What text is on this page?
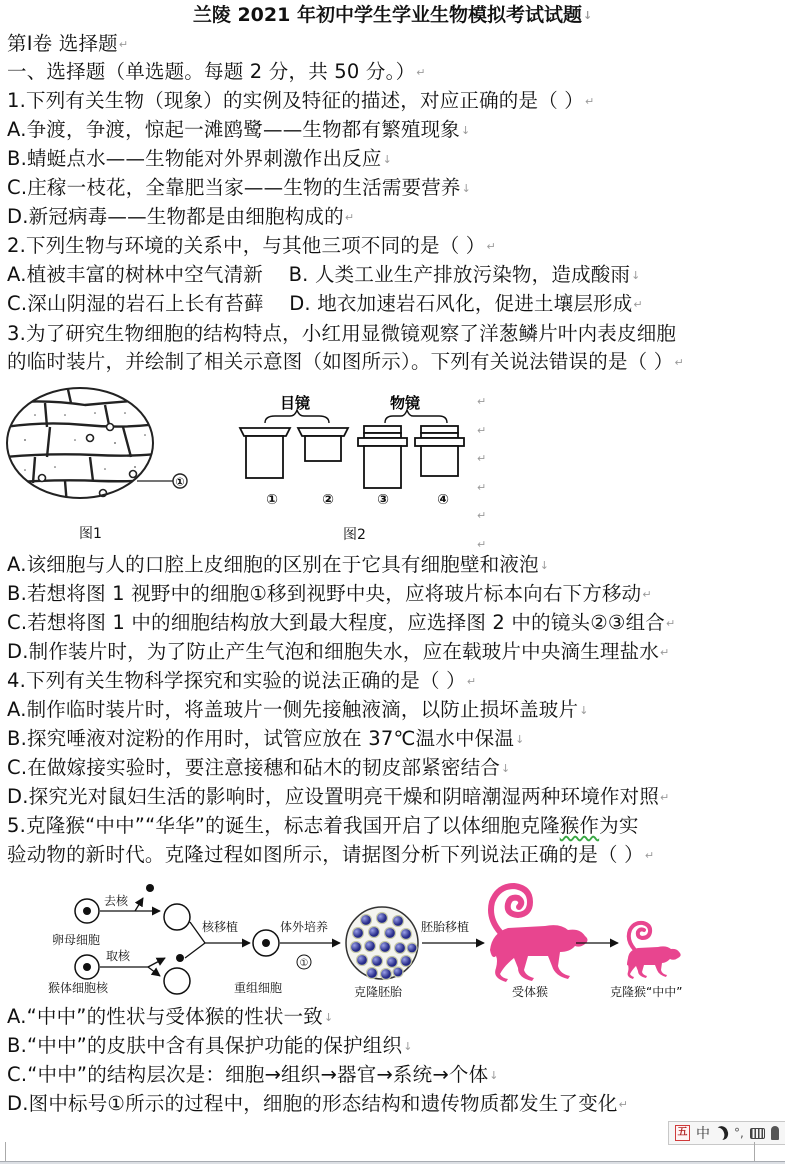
兰陵 2021 年初中学生学业生物模拟考试试题↓
第Ⅰ卷 选择题↵
一、选择题（单选题。每题 2 分，共 50 分。）↵
1.下列有关生物（现象）的实例及特征的描述，对应正确的是（ ）↵
A.争渡，争渡，惊起一滩鸥鹭——生物都有繁殖现象↓
B.蜻蜓点水——生物能对外界刺激作出反应↓
C.庄稼一枝花，全靠肥当家——生物的生活需要营养↓
D.新冠病毒——生物都是由细胞构成的↵
2.下列生物与环境的关系中，与其他三项不同的是（ ）↵
A.植被丰富的树林中空气清新    B. 人类工业生产排放污染物，造成酸雨↓
C.深山阴湿的岩石上长有苔藓    D. 地衣加速岩石风化，促进土壤层形成↵
3.为了研究生物细胞的结构特点，小红用显微镜观察了洋葱鳞片叶内表皮细胞
的临时装片，并绘制了相关示意图（如图所示）。下列有关说法错误的是（ ）↵
①
图1
目镜	物镜
①	②	③	④
图2
↵
↵
↵
↵
↵
↵
A.该细胞与人的口腔上皮细胞的区别在于它具有细胞壁和液泡↓
B.若想将图 1 视野中的细胞①移到视野中央，应将玻片标本向右下方移动↵
C.若想将图 1 中的细胞结构放大到最大程度，应选择图 2 中的镜头②③组合↵
D.制作装片时，为了防止产生气泡和细胞失水，应在载玻片中央滴生理盐水↵
4.下列有关生物科学探究和实验的说法正确的是（ ）↵
A.制作临时装片时，将盖玻片一侧先接触液滴，以防止损坏盖玻片↓
B.探究唾液对淀粉的作用时，试管应放在 37℃温水中保温↓
C.在做嫁接实验时，要注意接穗和砧木的韧皮部紧密结合↓
D.探究光对鼠妇生活的影响时，应设置明亮干燥和阴暗潮湿两种环境作对照↵
5.克隆猴“中中”“华华”的诞生，标志着我国开启了以体细胞克隆猴作为实
验动物的新时代。克隆过程如图所示，请据图分析下列说法正确的是（ ）↵
卵母细胞
去核
猴体细胞核
取核
核移植
重组细胞
体外培养
①
克隆胚胎
胚胎移植
受体猴	克隆猴“中中”
A.“中中”的性状与受体猴的性状一致↓
B.“中中”的皮肤中含有具保护功能的保护组织↓
C.“中中”的结构层次是：细胞→组织→器官→系统→个体↓
D.图中标号①所示的过程中，细胞的形态结构和遗传物质都发生了变化↵
五 中 °,
